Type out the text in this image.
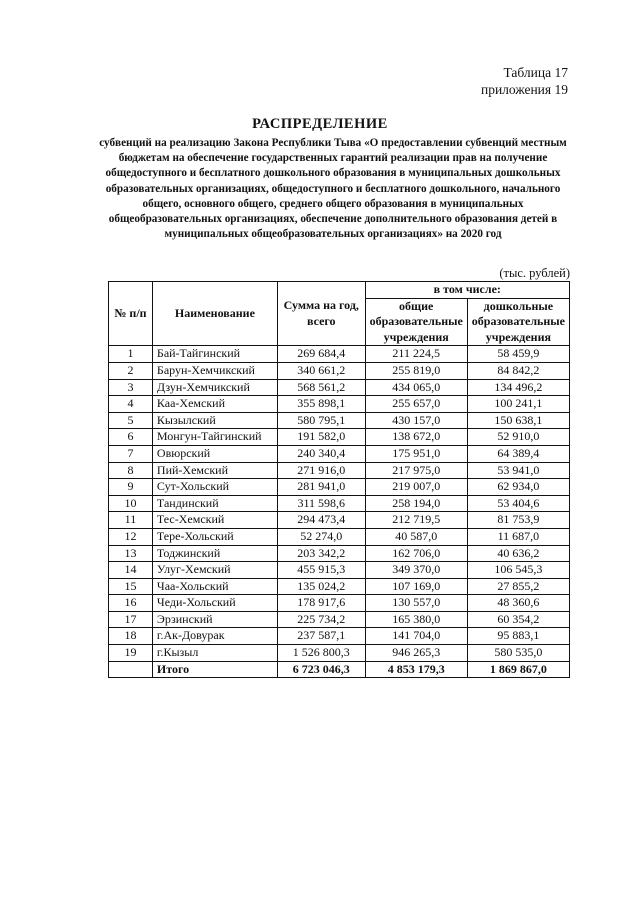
Таблица 17
приложения 19
РАСПРЕДЕЛЕНИЕ
субвенций на реализацию Закона Республики Тыва «О предоставлении субвенций местным бюджетам на обеспечение государственных гарантий реализации прав на получение общедоступного и бесплатного дошкольного образования в муниципальных дошкольных образовательных организациях, общедоступного и бесплатного дошкольного, начального общего, основного общего, среднего общего образования в муниципальных общеобразовательных организациях, обеспечение дополнительного образования детей в муниципальных общеобразовательных организациях» на 2020 год
(тыс. рублей)
№ п/п	Наименование	Сумма на год, всего	в том числе:	
			общие образовательные учреждения	дошкольные образовательные учреждения
1	Бай-Тайгинский	269 684,4	211 224,5	58 459,9
2	Барун-Хемчикский	340 661,2	255 819,0	84 842,2
3	Дзун-Хемчикский	568 561,2	434 065,0	134 496,2
4	Каа-Хемский	355 898,1	255 657,0	100 241,1
5	Кызылский	580 795,1	430 157,0	150 638,1
6	Монгун-Тайгинский	191 582,0	138 672,0	52 910,0
7	Овюрский	240 340,4	175 951,0	64 389,4
8	Пий-Хемский	271 916,0	217 975,0	53 941,0
9	Сут-Хольский	281 941,0	219 007,0	62 934,0
10	Тандинский	311 598,6	258 194,0	53 404,6
11	Тес-Хемский	294 473,4	212 719,5	81 753,9
12	Тере-Хольский	52 274,0	40 587,0	11 687,0
13	Тоджинский	203 342,2	162 706,0	40 636,2
14	Улуг-Хемский	455 915,3	349 370,0	106 545,3
15	Чаа-Хольский	135 024,2	107 169,0	27 855,2
16	Чеди-Хольский	178 917,6	130 557,0	48 360,6
17	Эрзинский	225 734,2	165 380,0	60 354,2
18	г.Ак-Довурак	237 587,1	141 704,0	95 883,1
19	г.Кызыл	1 526 800,3	946 265,3	580 535,0
	Итого	6 723 046,3	4 853 179,3	1 869 867,0
